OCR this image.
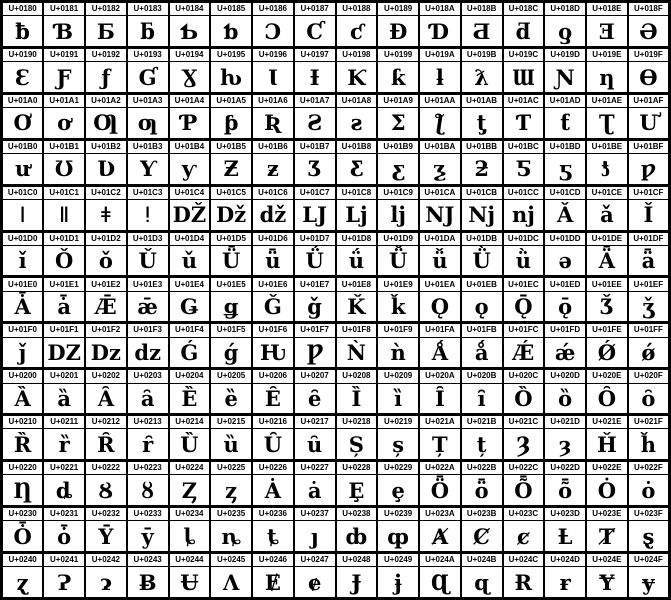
U+0180	U+0181	U+0182	U+0183	U+0184	U+0185	U+0186	U+0187	U+0188	U+0189	U+018A	U+018B	U+018C	U+018D	U+018E	U+018F
ƀ	Ɓ	Ƃ	ƃ	Ƅ	ƅ	Ɔ	Ƈ	ƈ	Ɖ	Ɗ	Ƌ	ƌ	ƍ	Ǝ	Ə
U+0190	U+0191	U+0192	U+0193	U+0194	U+0195	U+0196	U+0197	U+0198	U+0199	U+019A	U+019B	U+019C	U+019D	U+019E	U+019F
Ɛ	Ƒ	ƒ	Ɠ	Ɣ	ƕ	Ɩ	Ɨ	Ƙ	ƙ	ƚ	ƛ	Ɯ	Ɲ	ƞ	Ɵ
U+01A0	U+01A1	U+01A2	U+01A3	U+01A4	U+01A5	U+01A6	U+01A7	U+01A8	U+01A9	U+01AA	U+01AB	U+01AC	U+01AD	U+01AE	U+01AF
Ơ	ơ	Ƣ	ƣ	Ƥ	ƥ	Ʀ	Ƨ	ƨ	Ʃ	ƪ	ƫ	Ƭ	ƭ	Ʈ	Ư
U+01B0	U+01B1	U+01B2	U+01B3	U+01B4	U+01B5	U+01B6	U+01B7	U+01B8	U+01B9	U+01BA	U+01BB	U+01BC	U+01BD	U+01BE	U+01BF
ư	Ʊ	Ʋ	Ƴ	ƴ	Ƶ	ƶ	Ʒ	Ƹ	ƹ	ƺ	ƻ	Ƽ	ƽ	ƾ	ƿ
U+01C0	U+01C1	U+01C2	U+01C3	U+01C4	U+01C5	U+01C6	U+01C7	U+01C8	U+01C9	U+01CA	U+01CB	U+01CC	U+01CD	U+01CE	U+01CF
ǀ	ǁ	ǂ	ǃ	Ǆ	ǅ	ǆ	Ǉ	ǈ	ǉ	Ǌ	ǋ	ǌ	Ǎ	ǎ	Ǐ
U+01D0	U+01D1	U+01D2	U+01D3	U+01D4	U+01D5	U+01D6	U+01D7	U+01D8	U+01D9	U+01DA	U+01DB	U+01DC	U+01DD	U+01DE	U+01DF
ǐ	Ǒ	ǒ	Ǔ	ǔ	Ǖ	ǖ	Ǘ	ǘ	Ǚ	ǚ	Ǜ	ǜ	ǝ	Ǟ	ǟ
U+01E0	U+01E1	U+01E2	U+01E3	U+01E4	U+01E5	U+01E6	U+01E7	U+01E8	U+01E9	U+01EA	U+01EB	U+01EC	U+01ED	U+01EE	U+01EF
Ǡ	ǡ	Ǣ	ǣ	Ǥ	ǥ	Ǧ	ǧ	Ǩ	ǩ	Ǫ	ǫ	Ǭ	ǭ	Ǯ	ǯ
U+01F0	U+01F1	U+01F2	U+01F3	U+01F4	U+01F5	U+01F6	U+01F7	U+01F8	U+01F9	U+01FA	U+01FB	U+01FC	U+01FD	U+01FE	U+01FF
ǰ	Ǳ	ǲ	ǳ	Ǵ	ǵ	Ƕ	Ƿ	Ǹ	ǹ	Ǻ	ǻ	Ǽ	ǽ	Ǿ	ǿ
U+0200	U+0201	U+0202	U+0203	U+0204	U+0205	U+0206	U+0207	U+0208	U+0209	U+020A	U+020B	U+020C	U+020D	U+020E	U+020F
Ȁ	ȁ	Ȃ	ȃ	Ȅ	ȅ	Ȇ	ȇ	Ȉ	ȉ	Ȋ	ȋ	Ȍ	ȍ	Ȏ	ȏ
U+0210	U+0211	U+0212	U+0213	U+0214	U+0215	U+0216	U+0217	U+0218	U+0219	U+021A	U+021B	U+021C	U+021D	U+021E	U+021F
Ȑ	ȑ	Ȓ	ȓ	Ȕ	ȕ	Ȗ	ȗ	Ș	ș	Ț	ț	Ȝ	ȝ	Ȟ	ȟ
U+0220	U+0221	U+0222	U+0223	U+0224	U+0225	U+0226	U+0227	U+0228	U+0229	U+022A	U+022B	U+022C	U+022D	U+022E	U+022F
Ƞ	ȡ	Ȣ	ȣ	Ȥ	ȥ	Ȧ	ȧ	Ȩ	ȩ	Ȫ	ȫ	Ȭ	ȭ	Ȯ	ȯ
U+0230	U+0231	U+0232	U+0233	U+0234	U+0235	U+0236	U+0237	U+0238	U+0239	U+023A	U+023B	U+023C	U+023D	U+023E	U+023F
Ȱ	ȱ	Ȳ	ȳ	ȴ	ȵ	ȶ	ȷ	ȸ	ȹ	Ⱥ	Ȼ	ȼ	Ƚ	Ⱦ	ȿ
U+0240	U+0241	U+0242	U+0243	U+0244	U+0245	U+0246	U+0247	U+0248	U+0249	U+024A	U+024B	U+024C	U+024D	U+024E	U+024F
ɀ	Ɂ	ɂ	Ƀ	Ʉ	Ʌ	Ɇ	ɇ	Ɉ	ɉ	Ɋ	ɋ	Ɍ	ɍ	Ɏ	ɏ
